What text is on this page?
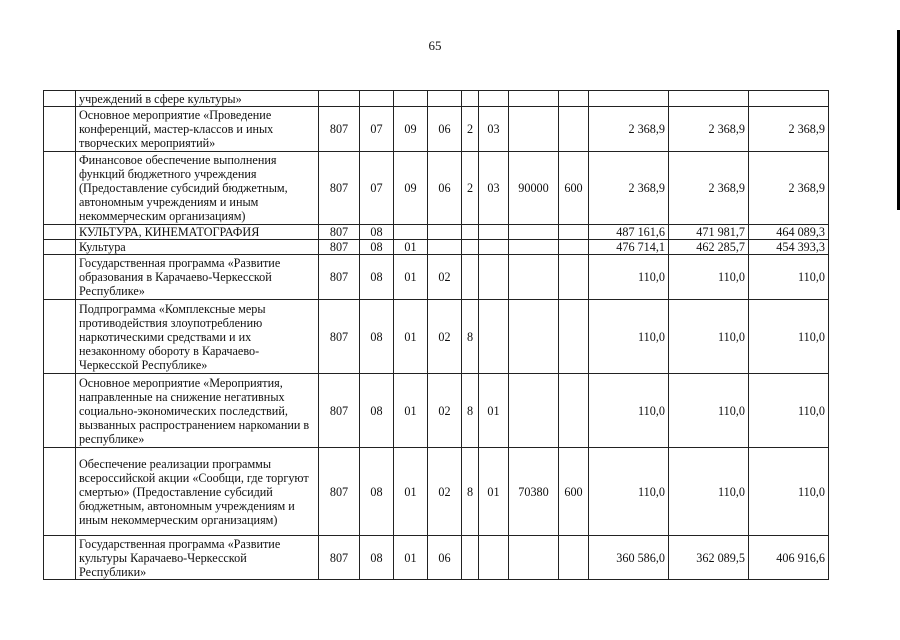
65
	учреждений в сфере культуры»											
	Основное мероприятие «Проведение конференций, мастер-классов и иных творческих мероприятий»	807	07	09	06	2	03			2 368,9	2 368,9	2 368,9
	Финансовое обеспечение выполнения функций бюджетного учреждения (Предоставление субсидий бюджетным, автономным учреждениям и иным некоммерческим организациям)	807	07	09	06	2	03	90000	600	2 368,9	2 368,9	2 368,9
	КУЛЬТУРА, КИНЕМАТОГРАФИЯ	807	08							487 161,6	471 981,7	464 089,3
	Культура	807	08	01						476 714,1	462 285,7	454 393,3
	Государственная программа «Развитие образования в Карачаево-Черкесской Республике»	807	08	01	02					110,0	110,0	110,0
	Подпрограмма «Комплексные меры противодействия злоупотреблению наркотическими средствами и их незаконному обороту в Карачаево-Черкесской Республике»	807	08	01	02	8				110,0	110,0	110,0
	Основное мероприятие «Мероприятия, направленные на снижение негативных социально-экономических последствий, вызванных распространением наркомании в республике»	807	08	01	02	8	01			110,0	110,0	110,0
	Обеспечение реализации программы всероссийской акции «Сообщи, где торгуют смертью» (Предоставление субсидий бюджетным, автономным учреждениям и иным некоммерческим организациям)	807	08	01	02	8	01	70380	600	110,0	110,0	110,0
	Государственная программа «Развитие культуры Карачаево-Черкесской Республики»	807	08	01	06					360 586,0	362 089,5	406 916,6
